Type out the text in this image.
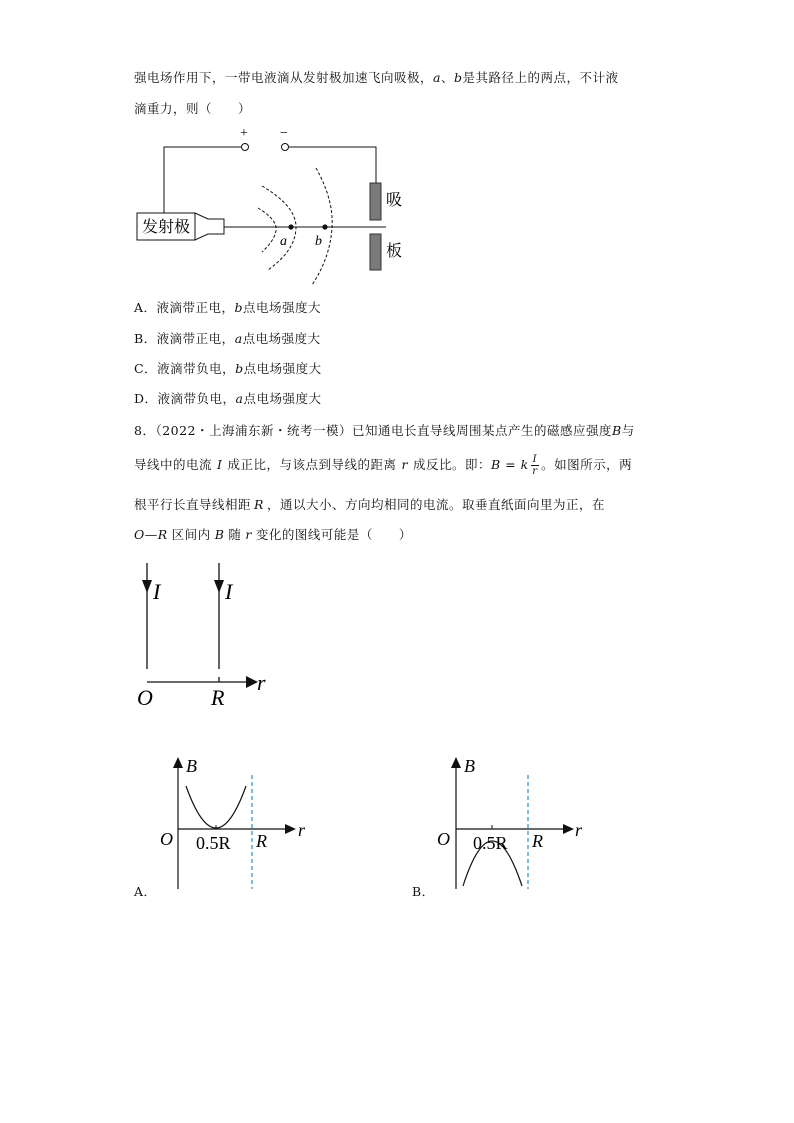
强电场作用下，一带电液滴从发射极加速飞向吸极，a、b是其路径上的两点，不计液
滴重力，则（　　）
+ −
发射极
吸
板
a b
A．液滴带正电，b点电场强度大
B．液滴带正电，a点电场强度大
C．液滴带负电，b点电场强度大
D．液滴带负电，a点电场强度大
8．（2022・上海浦东新・统考一模）已知通电长直导线周围某点产生的磁感应强度B与
导线中的电流 I 成正比，与该点到导线的距离 r 成反比。即：B = k $\frac{I}{r}$ 。如图所示，两
根平行长直导线相距 R ，通以大小、方向均相同的电流。取垂直纸面向里为正，在
O—R 区间内 B 随 r 变化的图线可能是（　　）
I	I
O	R
r
B
O 0.5R R
r
A．
B
O 0.5R R
r
B．
